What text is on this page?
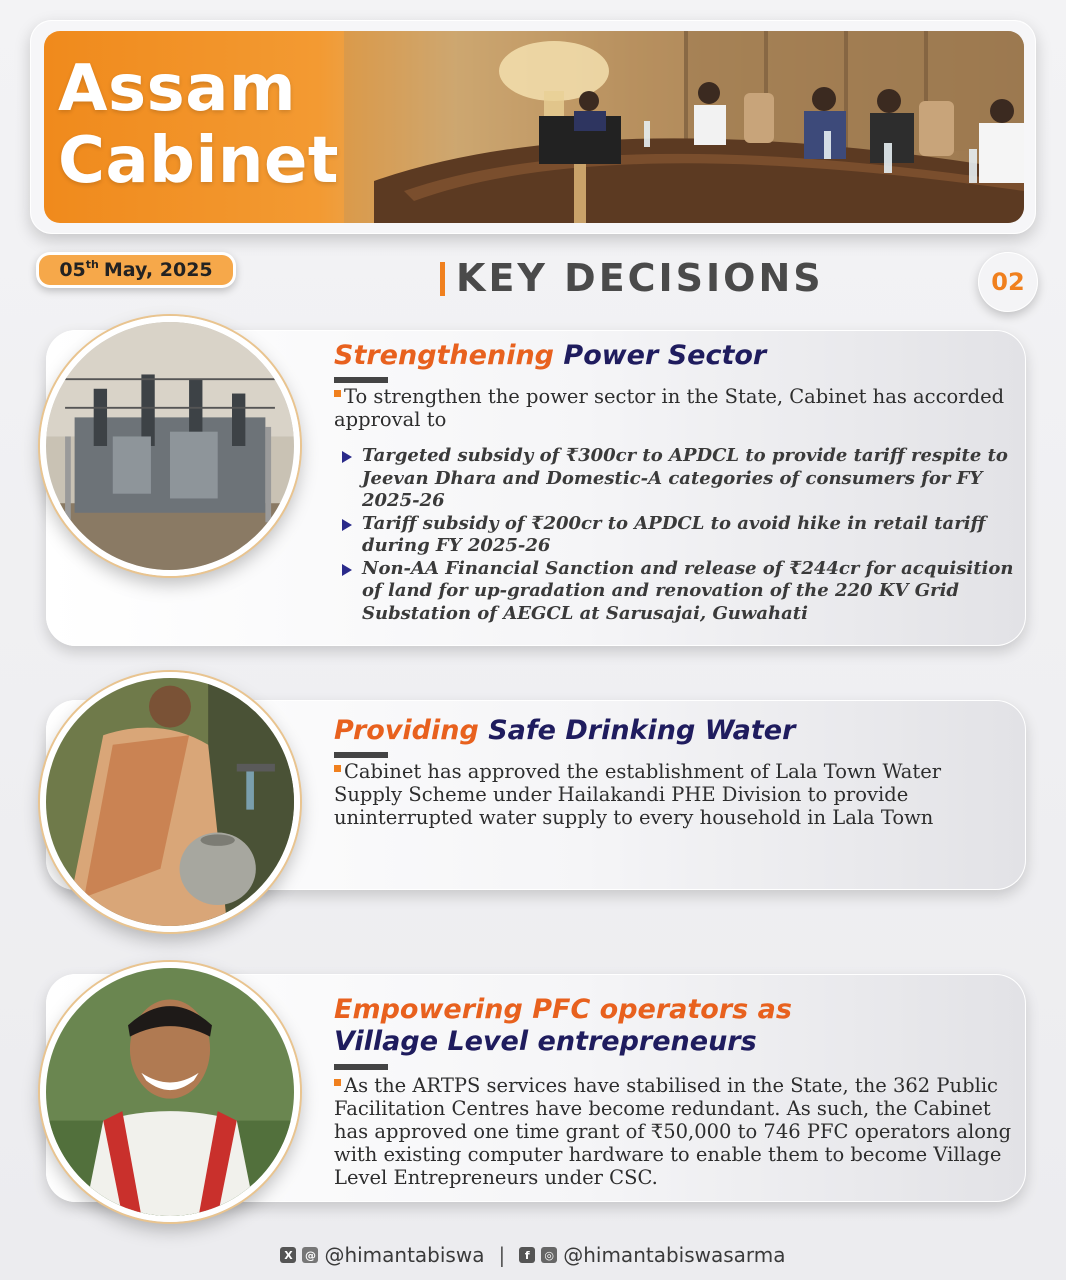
Assam
Cabinet
05th May, 2025	KEY DECISIONS	02
Strengthening Power Sector
To strengthen the power sector in the State, Cabinet has accorded approval to
Targeted subsidy of ₹300cr to APDCL to provide tariff respite to Jeevan Dhara and Domestic-A categories of consumers for FY 2025-26
Tariff subsidy of ₹200cr to APDCL to avoid hike in retail tariff during FY 2025-26
Non-AA Financial Sanction and release of ₹244cr for acquisition of land for up-gradation and renovation of the 220 KV Grid Substation of AEGCL at Sarusajai, Guwahati
Providing Safe Drinking Water
Cabinet has approved the establishment of Lala Town Water Supply Scheme under Hailakandi PHE Division to provide uninterrupted water supply to every household in Lala Town
Empowering PFC operators as
Village Level entrepreneurs
As the ARTPS services have stabilised in the State, the 362 Public Facilitation Centres have become redundant. As such, the Cabinet has approved one time grant of ₹50,000 to 746 PFC operators along with existing computer hardware to enable them to become Village Level Entrepreneurs under CSC.
X	@ @himantabiswa |	f	◎ @himantabiswasarma
